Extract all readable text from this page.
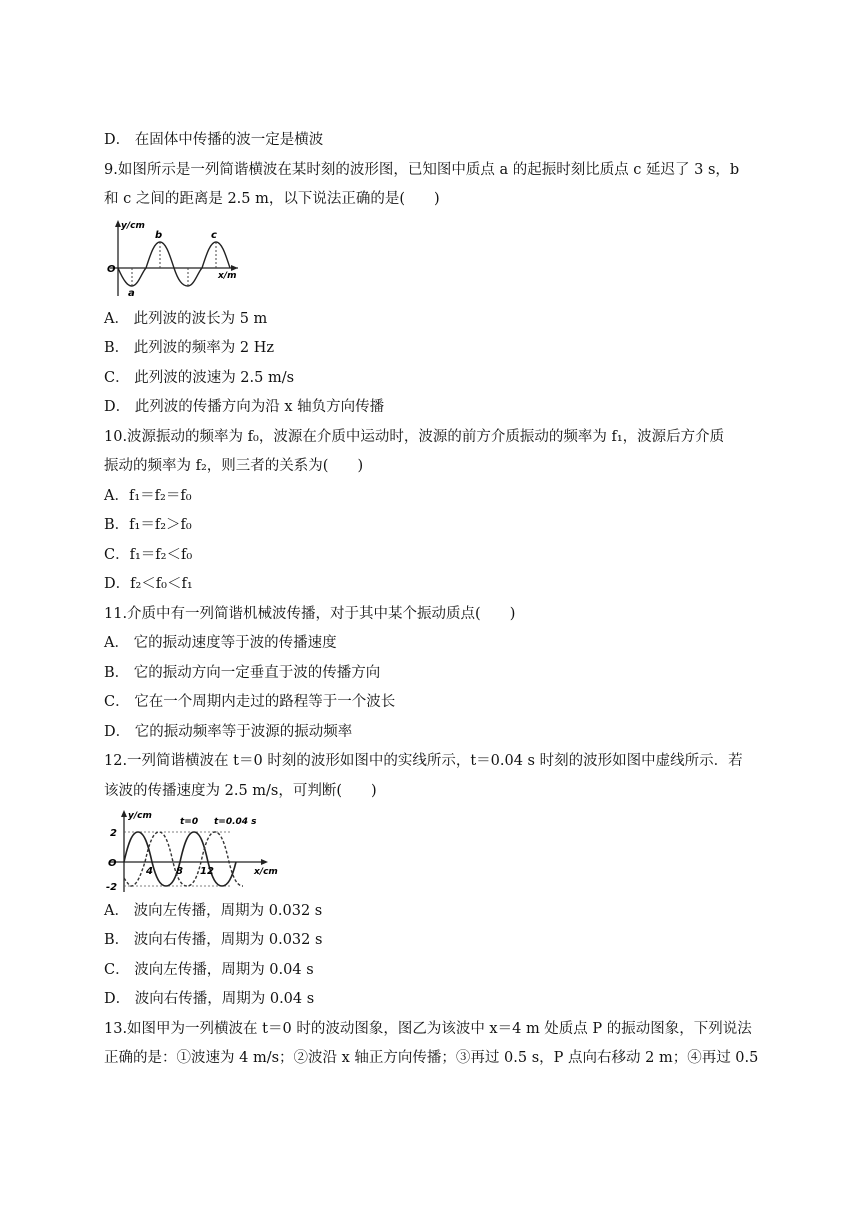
D． 在固体中传播的波一定是横波
9.如图所示是一列简谐横波在某时刻的波形图，已知图中质点 a 的起振时刻比质点 c 延迟了 3 s，b
和 c 之间的距离是 2.5 m，以下说法正确的是(　　)
y/cm
x/m
O
a
b	c
A． 此列波的波长为 5 m
B． 此列波的频率为 2 Hz
C． 此列波的波速为 2.5 m/s
D． 此列波的传播方向为沿 x 轴负方向传播
10.波源振动的频率为 f₀，波源在介质中运动时，波源的前方介质振动的频率为 f₁，波源后方介质
振动的频率为 f₂，则三者的关系为(　　)
A．f₁＝f₂＝f₀
B．f₁＝f₂＞f₀
C．f₁＝f₂＜f₀
D．f₂＜f₀＜f₁
11.介质中有一列简谐机械波传播，对于其中某个振动质点(　　)
A． 它的振动速度等于波的传播速度
B． 它的振动方向一定垂直于波的传播方向
C． 它在一个周期内走过的路程等于一个波长
D． 它的振动频率等于波源的振动频率
12.一列简谐横波在 t＝0 时刻的波形如图中的实线所示，t＝0.04 s 时刻的波形如图中虚线所示．若
该波的传播速度为 2.5 m/s，可判断(　　)
y/cm
x/cm
O
2
-2
4 8 12
t=0 t=0.04 s
A． 波向左传播，周期为 0.032 s
B． 波向右传播，周期为 0.032 s
C． 波向左传播，周期为 0.04 s
D． 波向右传播，周期为 0.04 s
13.如图甲为一列横波在 t＝0 时的波动图象，图乙为该波中 x＝4 m 处质点 P 的振动图象，下列说法
正确的是：①波速为 4 m/s；②波沿 x 轴正方向传播；③再过 0.5 s，P 点向右移动 2 m；④再过 0.5
